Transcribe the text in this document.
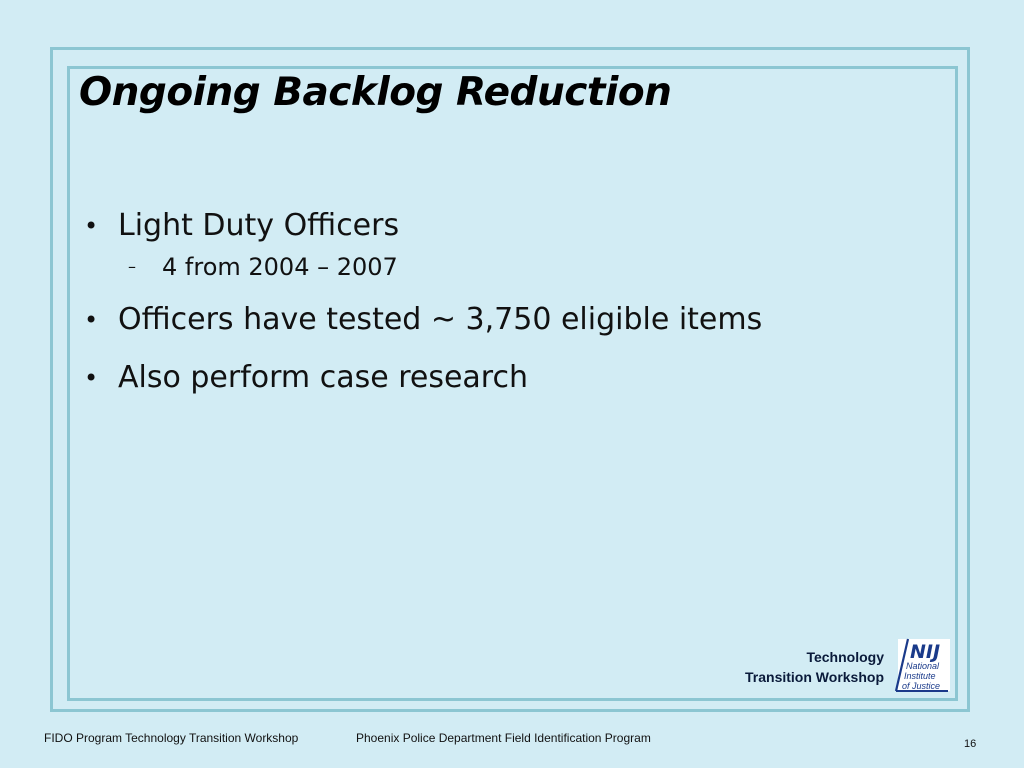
Ongoing Backlog Reduction
• Light Duty Officers
– 4 from 2004 – 2007
• Officers have tested ~ 3,750 eligible items
• Also perform case research
Technology
Transition Workshop
NIJ
National
Institute
of Justice
FIDO Program Technology Transition Workshop	Phoenix Police Department Field Identification Program	16
